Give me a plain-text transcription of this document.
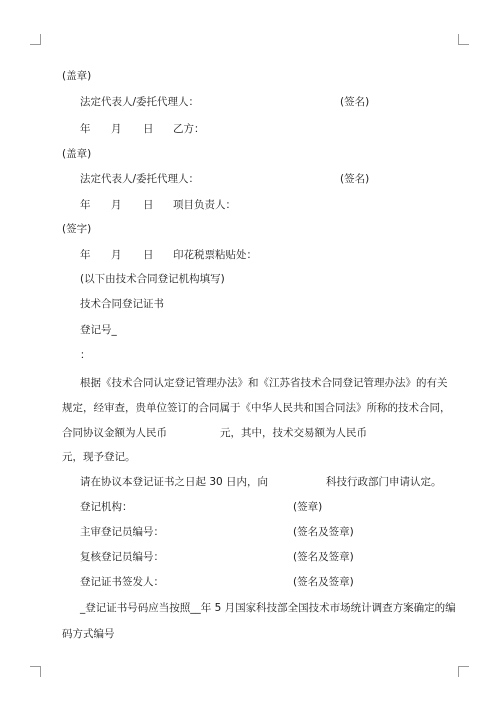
(盖章)
法定代表人/委托代理人：	(签名)
年 月 日 乙方：
(盖章)
法定代表人/委托代理人：	(签名)
年 月 日 项目负责人：
(签字)
年 月 日 印花税票粘贴处：
(以下由技术合同登记机构填写)
技术合同登记证书
登记号_
：
根据《技术合同认定登记管理办法》和《江苏省技术合同登记管理办法》的有关
规定，经审查，贵单位签订的合同属于《中华人民共和国合同法》所称的技术合同，
合同协议金额为人民币	元，其中，技术交易额为人民币
元，现予登记。
请在协议本登记证书之日起 30 日内，向	科技行政部门申请认定。
登记机构：	(签章)
主审登记员编号：	(签名及签章)
复核登记员编号：	(签名及签章)
登记证书签发人：	(签名及签章)
_登记证书号码应当按照__年 5 月国家科技部全国技术市场统计调查方案确定的编
码方式编号
